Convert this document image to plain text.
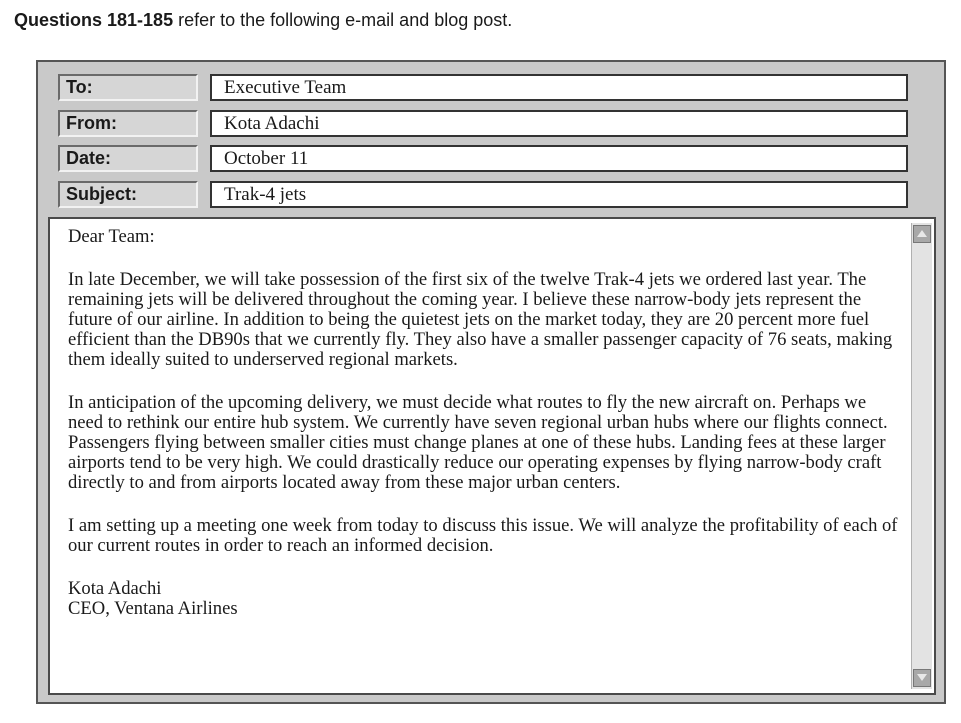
Questions 181-185 refer to the following e-mail and blog post.
To:	Executive Team
From:	Kota Adachi
Date:	October 11
Subject:	Trak-4 jets

Dear Team:

In late December, we will take possession of the first six of the twelve Trak-4 jets we ordered last year. The remaining jets will be delivered throughout the coming year. I believe these narrow-body jets represent the future of our airline. In addition to being the quietest jets on the market today, they are 20 percent more fuel efficient than the DB90s that we currently fly. They also have a smaller passenger capacity of 76 seats, making them ideally suited to underserved regional markets.

In anticipation of the upcoming delivery, we must decide what routes to fly the new aircraft on. Perhaps we need to rethink our entire hub system. We currently have seven regional urban hubs where our flights connect. Passengers flying between smaller cities must change planes at one of these hubs. Landing fees at these larger airports tend to be very high. We could drastically reduce our operating expenses by flying narrow-body craft directly to and from airports located away from these major urban centers.

I am setting up a meeting one week from today to discuss this issue. We will analyze the profitability of each of our current routes in order to reach an informed decision.

Kota Adachi
CEO, Ventana Airlines
